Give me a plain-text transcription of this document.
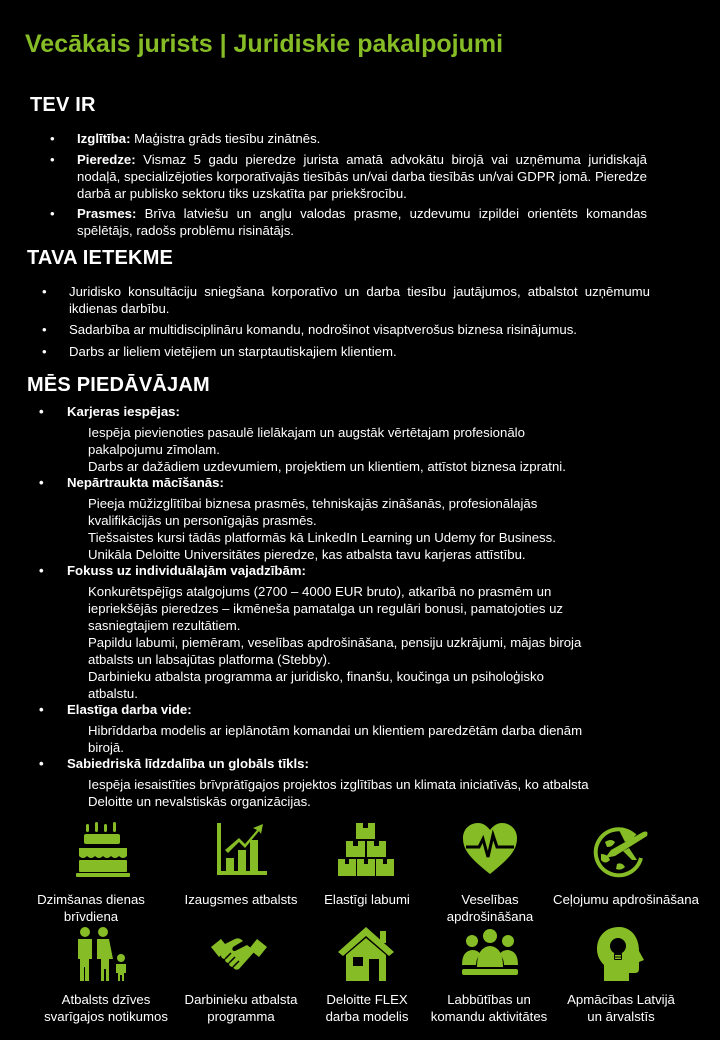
Vecākais jurists | Juridiskie pakalpojumi
TEV IR
• Izglītība: Maģistra grāds tiesību zinātnēs.
• Pieredze: Vismaz 5 gadu pieredze jurista amatā advokātu birojā vai uzņēmuma juridiskajā nodaļā, specializējoties korporatīvajās tiesībās un/vai darba tiesībās un/vai GDPR jomā. Pieredze darbā ar publisko sektoru tiks uzskatīta par priekšrocību.
• Prasmes: Brīva latviešu un angļu valodas prasme, uzdevumu izpildei orientēts komandas spēlētājs, radošs problēmu risinātājs.
TAVA IETEKME
• Juridisko konsultāciju sniegšana korporatīvo un darba tiesību jautājumos, atbalstot uzņēmumu ikdienas darbību.
• Sadarbība ar multidisciplināru komandu, nodrošinot visaptverošus biznesa risinājumus.
• Darbs ar lieliem vietējiem un starptautiskajiem klientiem.
MĒS PIEDĀVĀJAM
• Karjeras iespējas:
Iespēja pievienoties pasaulē lielākajam un augstāk vērtētajam profesionālo
pakalpojumu zīmolam.
Darbs ar dažādiem uzdevumiem, projektiem un klientiem, attīstot biznesa izpratni.
• Nepārtraukta mācīšanās:
Pieeja mūžizglītībai biznesa prasmēs, tehniskajās zināšanās, profesionālajās
kvalifikācijās un personīgajās prasmēs.
Tiešsaistes kursi tādās platformās kā LinkedIn Learning un Udemy for Business.
Unikāla Deloitte Universitātes pieredze, kas atbalsta tavu karjeras attīstību.
• Fokuss uz individuālajām vajadzībām:
Konkurētspējīgs atalgojums (2700 – 4000 EUR bruto), atkarībā no prasmēm un
iepriekšējās pieredzes – ikmēneša pamatalga un regulāri bonusi, pamatojoties uz
sasniegtajiem rezultātiem.
Papildu labumi, piemēram, veselības apdrošināšana, pensiju uzkrājumi, mājas biroja
atbalsts un labsajūtas platforma (Stebby).
Darbinieku atbalsta programma ar juridisko, finanšu, koučinga un psiholoģisko
atbalstu.
• Elastīga darba vide:
Hibrīddarba modelis ar ieplānotām komandai un klientiem paredzētām darba dienām
birojā.
• Sabiedriskā līdzdalība un globāls tīkls:
Iespēja iesaistīties brīvprātīgajos projektos izglītības un klimata iniciatīvās, ko atbalsta
Deloitte un nevalstiskās organizācijas.
Dzimšanas dienas
brīvdiena
Izaugsmes atbalsts	Elastīgi labumi	Veselības
apdrošināšana
Ceļojumu apdrošināšana
Atbalsts dzīves
svarīgajos notikumos
Darbinieku atbalsta
programma
Deloitte FLEX
darba modelis
Labbūtības un
komandu aktivitātes
Apmācības Latvijā
un ārvalstīs
